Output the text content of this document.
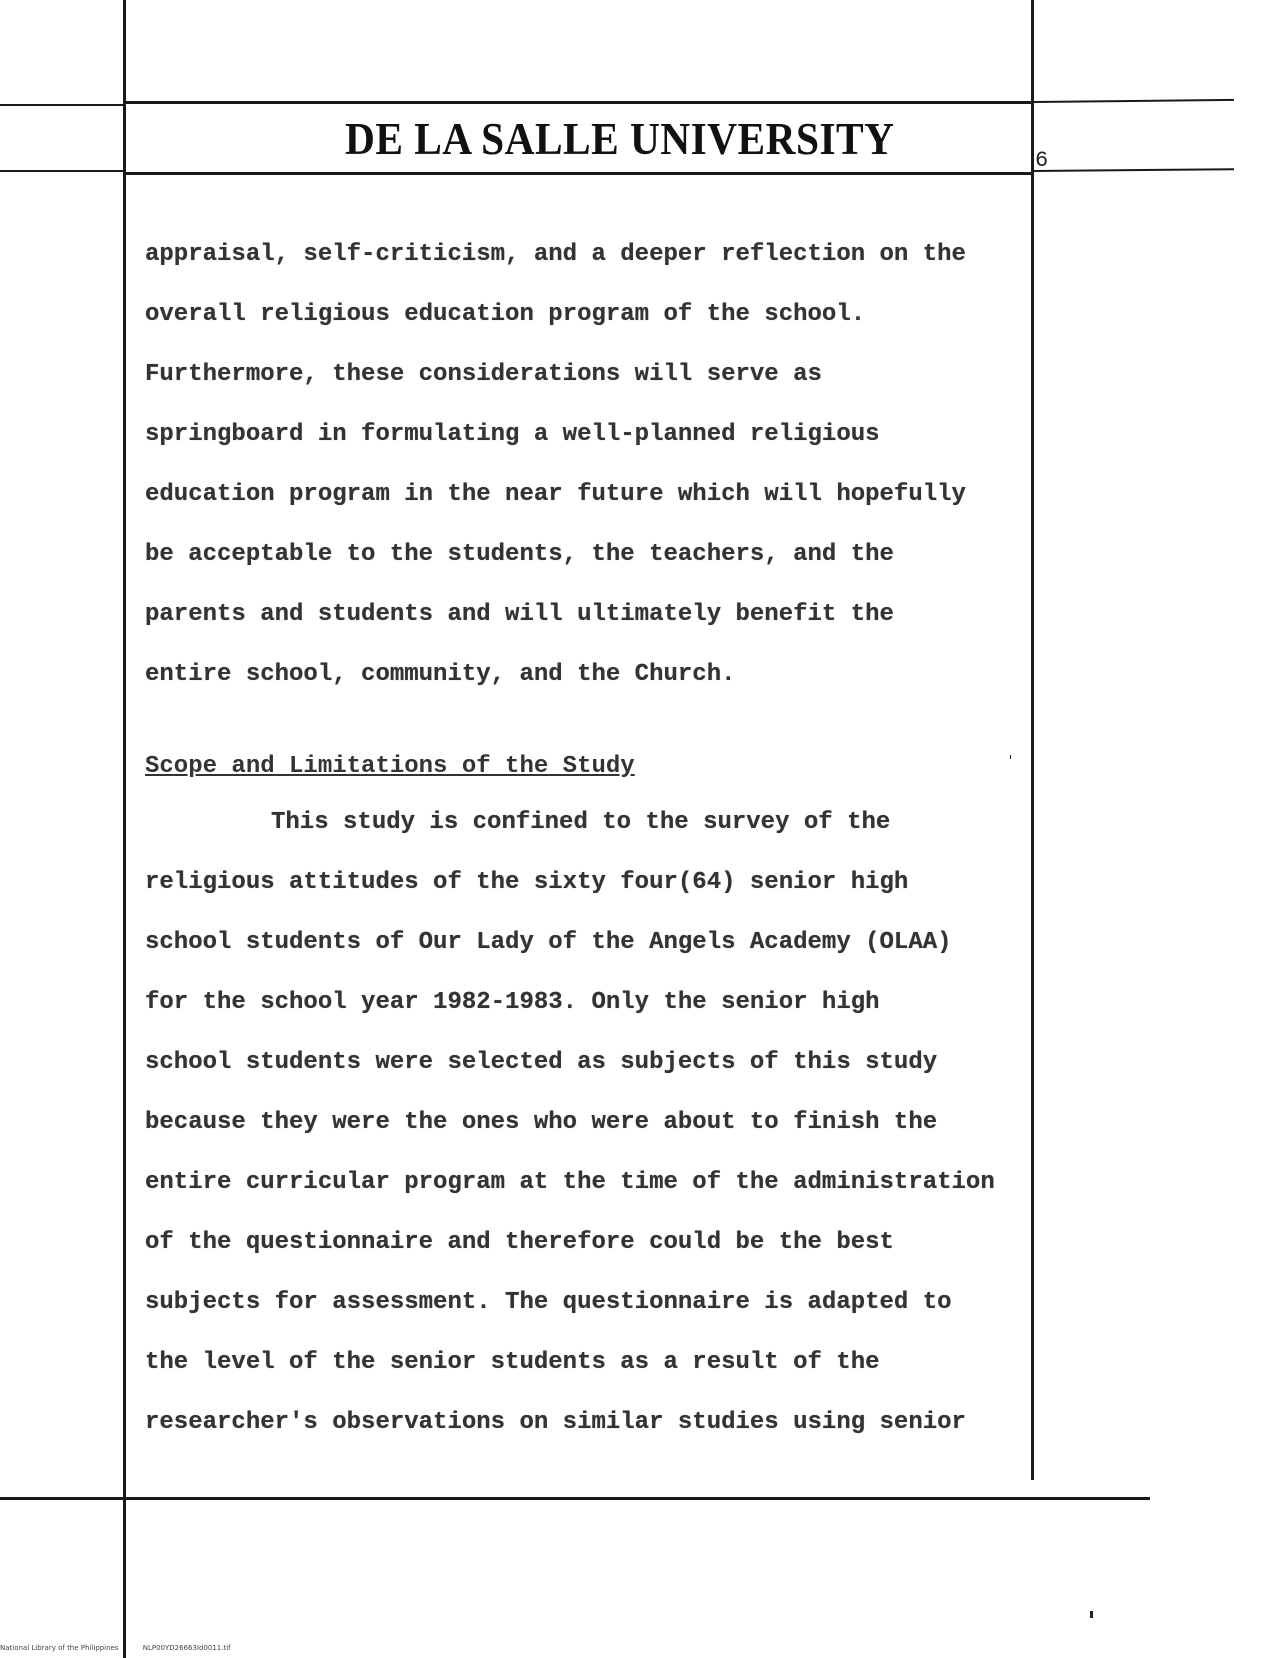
DE LA SALLE UNIVERSITY	6
appraisal, self-criticism, and a deeper reflection on the
overall religious education program of the school.
Furthermore, these considerations will serve as
springboard in formulating a well-planned religious
education program in the near future which will hopefully
be acceptable to the students, the teachers, and the
parents and students and will ultimately benefit the
entire school, community, and the Church.
Scope and Limitations of the Study
This study is confined to the survey of the
religious attitudes of the sixty four(64) senior high
school students of Our Lady of the Angels Academy (OLAA)
for the school year 1982-1983. Only the senior high
school students were selected as subjects of this study
because they were the ones who were about to finish the
entire curricular program at the time of the administration
of the questionnaire and therefore could be the best
subjects for assessment. The questionnaire is adapted to
the level of the senior students as a result of the
researcher's observations on similar studies using senior
National Library of the Philippines	NLP00YD26663Id0011.tif
